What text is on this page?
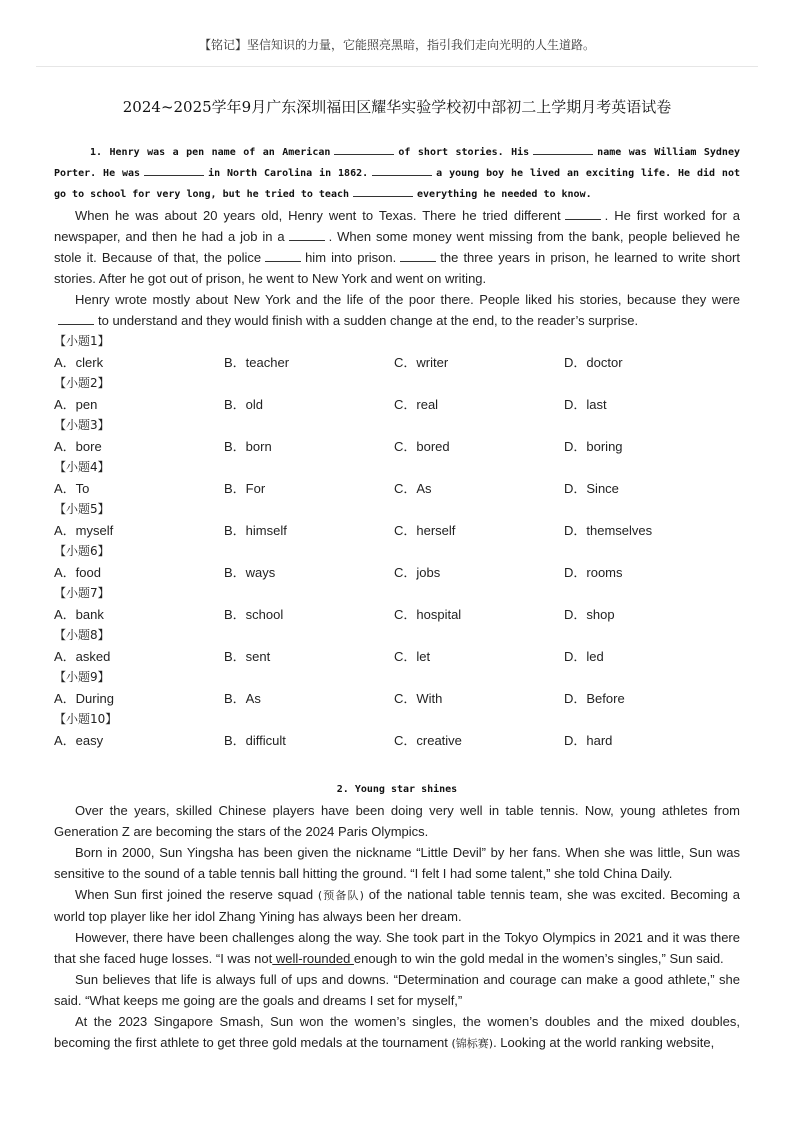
【铭记】坚信知识的力量，它能照亮黑暗，指引我们走向光明的人生道路。
2024~2025学年9月广东深圳福田区耀华实验学校初中部初二上学期月考英语试卷
1. Henry was a pen name of an American	of short stories. His	name was William Sydney Porter. He was	in North Carolina in 1862.	a young boy he lived an exciting life. He did not go to school for very long, but he tried to teach	everything he needed to know.

When he was about 20 years old, Henry went to Texas. There he tried different	. He first worked for a newspaper, and then he had a job in a	. When some money went missing from the bank, people believed he stole it. Because of that, the police	him into prison.	the three years in prison, he learned to write short stories. After he got out of prison, he went to New York and went on writing.

Henry wrote mostly about New York and the life of the poor there. People liked his stories, because they wereto understand and they would finish with a sudden change at the end, to the reader’s surprise.

【小题1】
A．clerk	B．teacher	C．writer	D．doctor
【小题2】
A．pen	B．old	C．real	D．last
【小题3】
A．bore	B．born	C．bored	D．boring
【小题4】
A．To	B．For	C．As	D．Since
【小题5】
A．myself	B．himself	C．herself	D．themselves
【小题6】
A．food	B．ways	C．jobs	D．rooms
【小题7】
A．bank	B．school	C．hospital	D．shop
【小题8】
A．asked	B．sent	C．let	D．led
【小题9】
A．During	B．As	C．With	D．Before
【小题10】
A．easy	B．difficult	C．creative	D．hard
2. Young star shines

Over the years, skilled Chinese players have been doing very well in table tennis. Now, young athletes from Generation Z are becoming the stars of the 2024 Paris Olympics.

Born in 2000, Sun Yingsha has been given the nickname “Little Devil” by her fans. When she was little, Sun was sensitive to the sound of a table tennis ball hitting the ground. “I felt I had some talent,” she told China Daily.

When Sun first joined the reserve squad (预备队) of the national table tennis team, she was excited. Becoming a world top player like her idol Zhang Yining has always been her dream.

However, there have been challenges along the way. She took part in the Tokyo Olympics in 2021 and it was there that she faced huge losses. “I was not well-rounded enough to win the gold medal in the women’s singles,” Sun said.

Sun believes that life is always full of ups and downs. “Determination and courage can make a good athlete,” she said. “What keeps me going are the goals and dreams I set for myself,”

At the 2023 Singapore Smash, Sun won the women’s singles, the women’s doubles and the mixed doubles, becoming the first athlete to get three gold medals at the tournament (锦标赛). Looking at the world ranking website,
